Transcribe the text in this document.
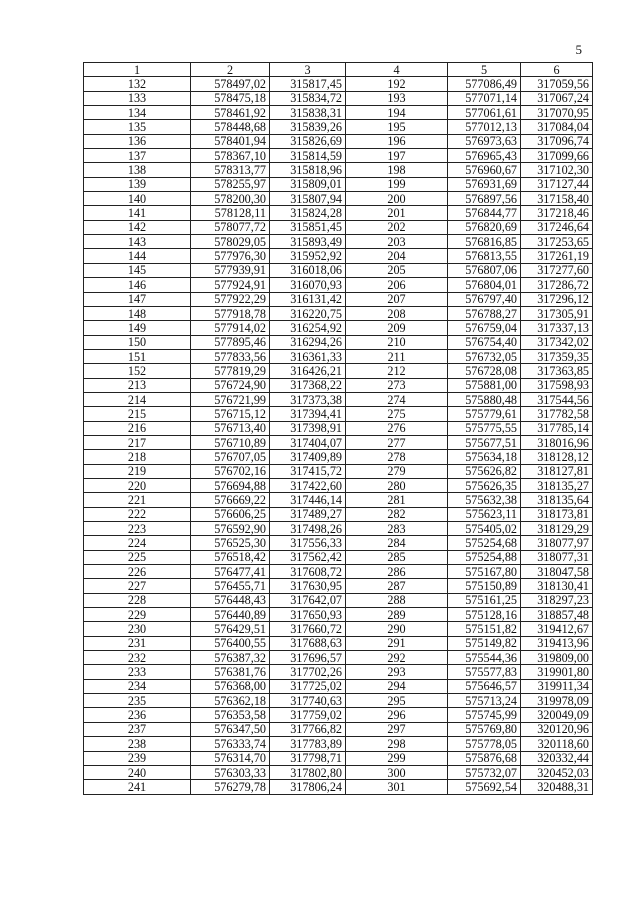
5
1	2	3	4	5	6
132	578497,02	315817,45	192	577086,49	317059,56
133	578475,18	315834,72	193	577071,14	317067,24
134	578461,92	315838,31	194	577061,61	317070,95
135	578448,68	315839,26	195	577012,13	317084,04
136	578401,94	315826,69	196	576973,63	317096,74
137	578367,10	315814,59	197	576965,43	317099,66
138	578313,77	315818,96	198	576960,67	317102,30
139	578255,97	315809,01	199	576931,69	317127,44
140	578200,30	315807,94	200	576897,56	317158,40
141	578128,11	315824,28	201	576844,77	317218,46
142	578077,72	315851,45	202	576820,69	317246,64
143	578029,05	315893,49	203	576816,85	317253,65
144	577976,30	315952,92	204	576813,55	317261,19
145	577939,91	316018,06	205	576807,06	317277,60
146	577924,91	316070,93	206	576804,01	317286,72
147	577922,29	316131,42	207	576797,40	317296,12
148	577918,78	316220,75	208	576788,27	317305,91
149	577914,02	316254,92	209	576759,04	317337,13
150	577895,46	316294,26	210	576754,40	317342,02
151	577833,56	316361,33	211	576732,05	317359,35
152	577819,29	316426,21	212	576728,08	317363,85
213	576724,90	317368,22	273	575881,00	317598,93
214	576721,99	317373,38	274	575880,48	317544,56
215	576715,12	317394,41	275	575779,61	317782,58
216	576713,40	317398,91	276	575775,55	317785,14
217	576710,89	317404,07	277	575677,51	318016,96
218	576707,05	317409,89	278	575634,18	318128,12
219	576702,16	317415,72	279	575626,82	318127,81
220	576694,88	317422,60	280	575626,35	318135,27
221	576669,22	317446,14	281	575632,38	318135,64
222	576606,25	317489,27	282	575623,11	318173,81
223	576592,90	317498,26	283	575405,02	318129,29
224	576525,30	317556,33	284	575254,68	318077,97
225	576518,42	317562,42	285	575254,88	318077,31
226	576477,41	317608,72	286	575167,80	318047,58
227	576455,71	317630,95	287	575150,89	318130,41
228	576448,43	317642,07	288	575161,25	318297,23
229	576440,89	317650,93	289	575128,16	318857,48
230	576429,51	317660,72	290	575151,82	319412,67
231	576400,55	317688,63	291	575149,82	319413,96
232	576387,32	317696,57	292	575544,36	319809,00
233	576381,76	317702,26	293	575577,83	319901,80
234	576368,00	317725,02	294	575646,57	319911,34
235	576362,18	317740,63	295	575713,24	319978,09
236	576353,58	317759,02	296	575745,99	320049,09
237	576347,50	317766,82	297	575769,80	320120,96
238	576333,74	317783,89	298	575778,05	320118,60
239	576314,70	317798,71	299	575876,68	320332,44
240	576303,33	317802,80	300	575732,07	320452,03
241	576279,78	317806,24	301	575692,54	320488,31
